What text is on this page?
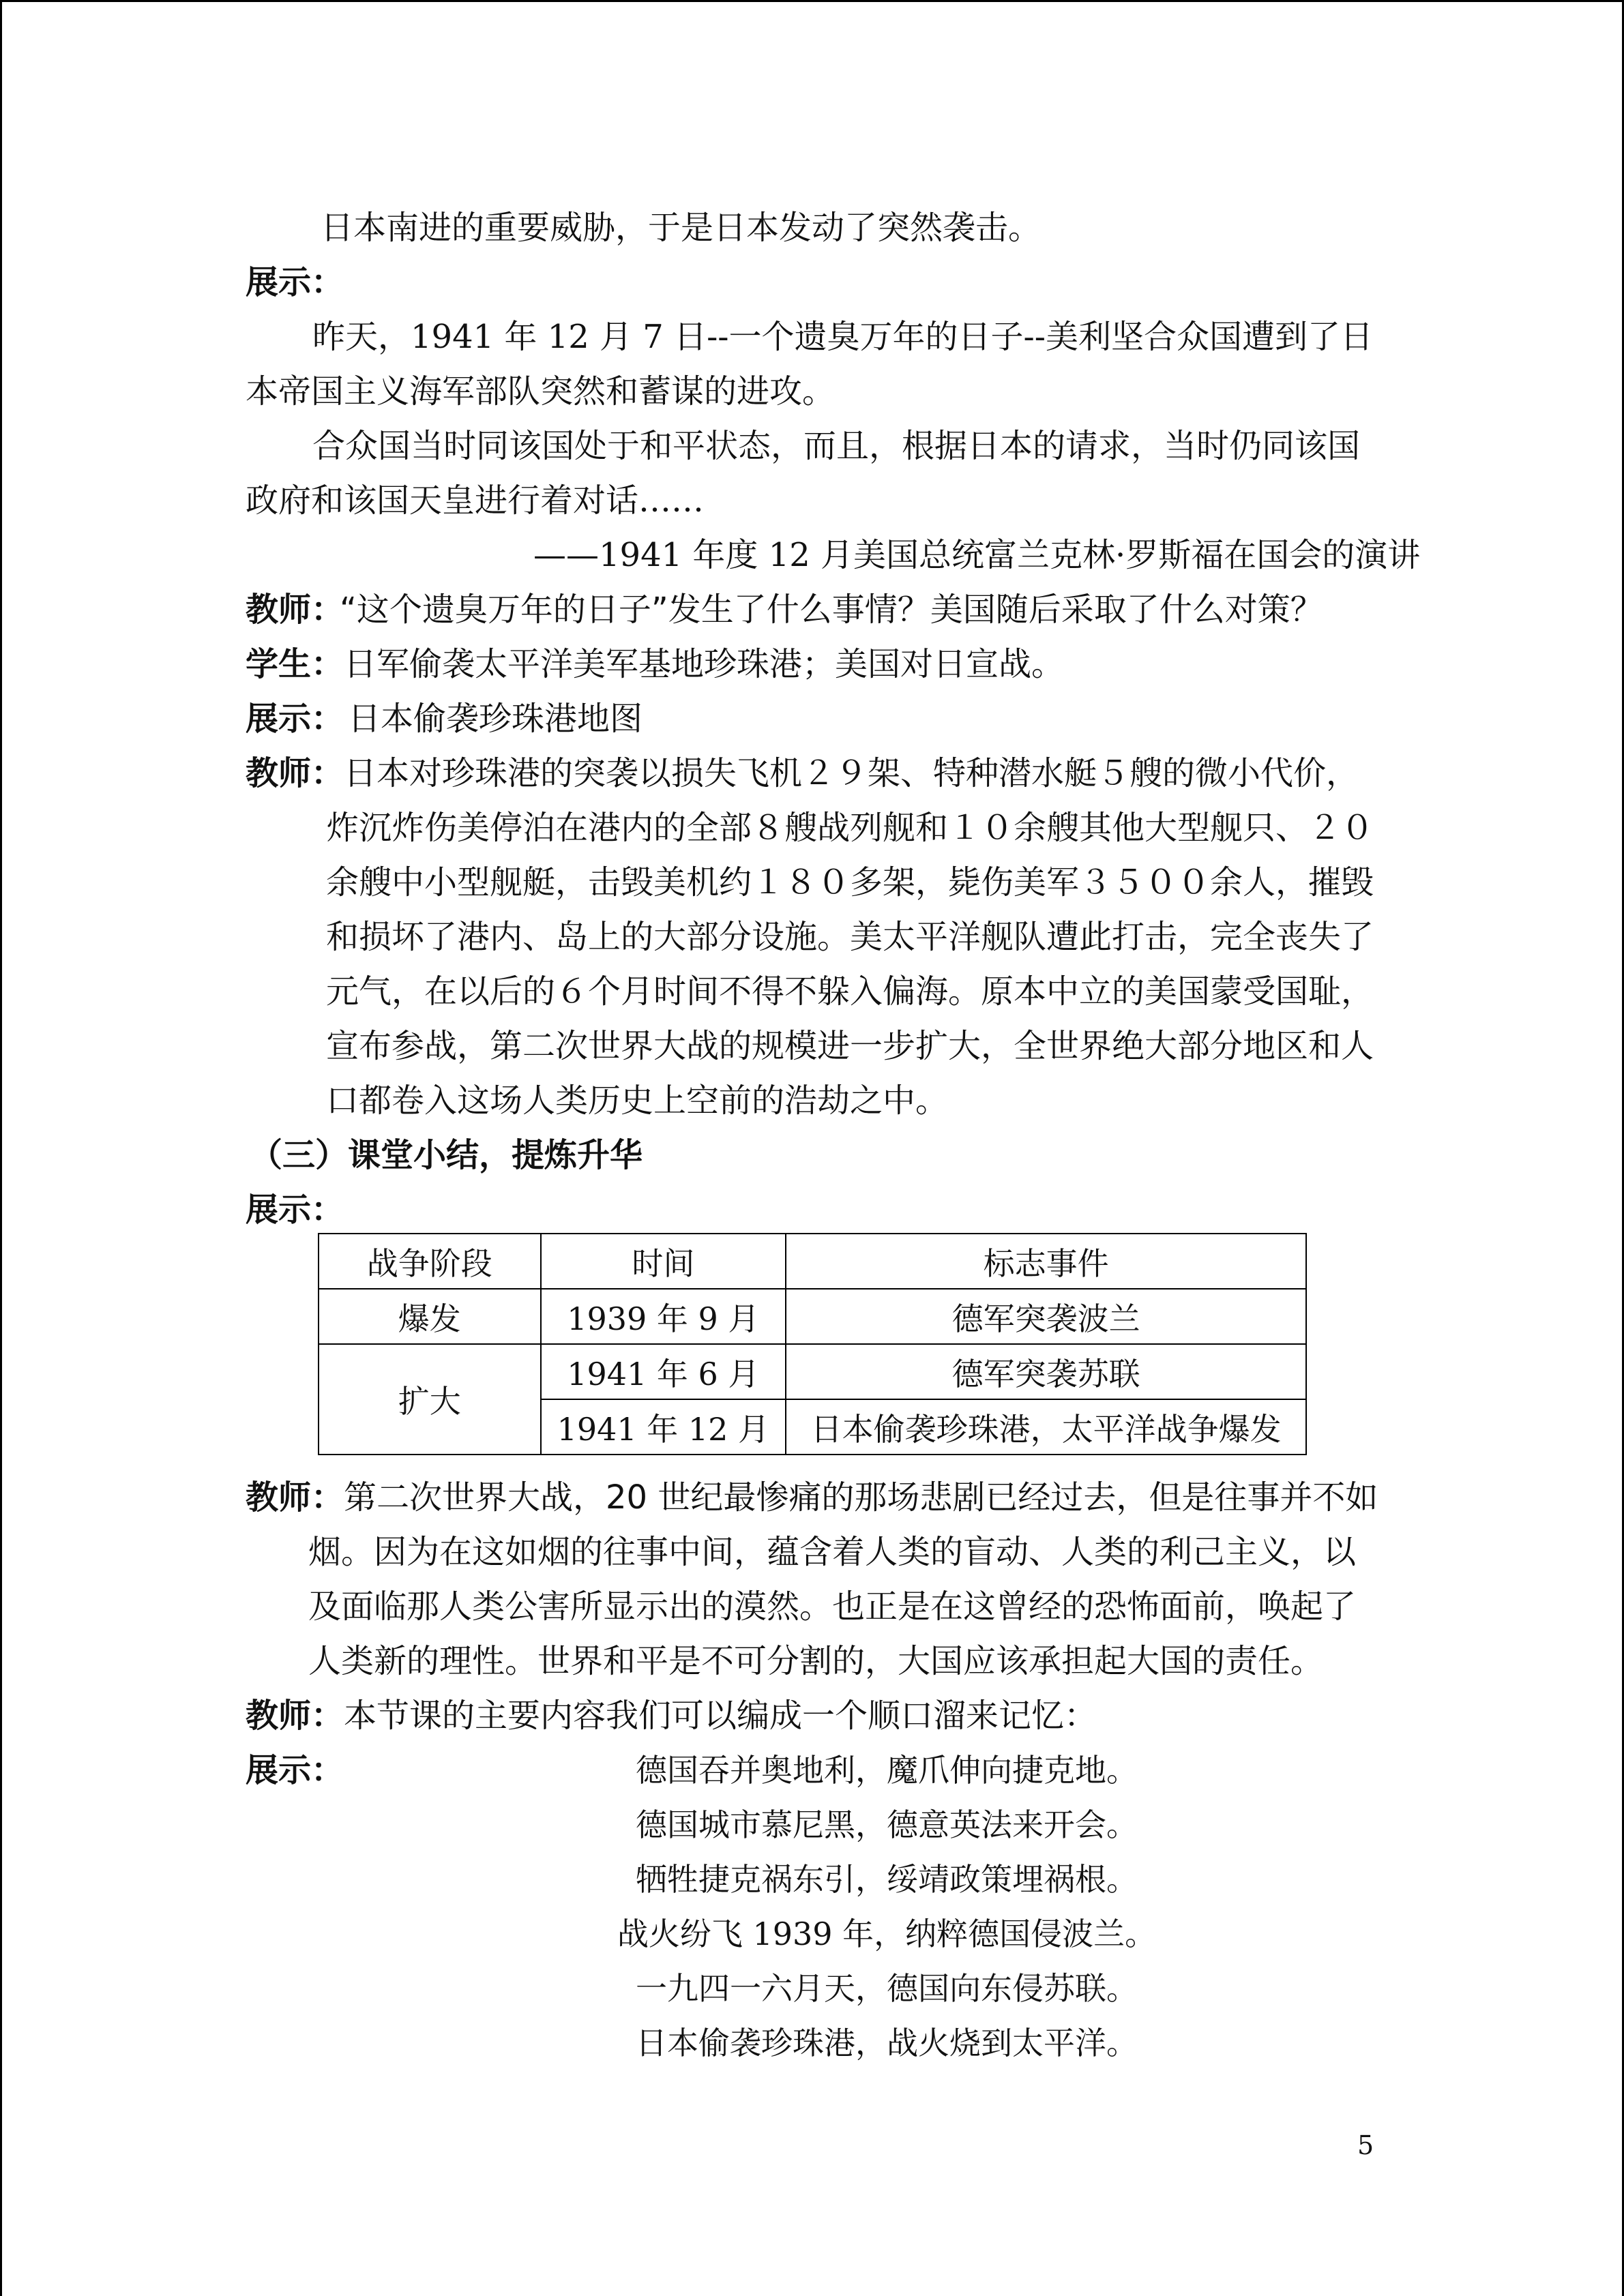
日本南进的重要威胁，于是日本发动了突然袭击。
展示：
昨天，1941 年 12 月 7 日--一个遗臭万年的日子--美利坚合众国遭到了日
本帝国主义海军部队突然和蓄谋的进攻。
合众国当时同该国处于和平状态，而且，根据日本的请求，当时仍同该国
政府和该国天皇进行着对话……
——1941 年度 12 月美国总统富兰克林·罗斯福在国会的演讲
教师：
“这个遗臭万年的日子”发生了什么事情？美国随后采取了什么对策？
学生： 日军偷袭太平洋美军基地珍珠港；美国对日宣战。
展示： 日本偷袭珍珠港地图
教师： 日本对珍珠港的突袭以损失飞机２９架、特种潜水艇５艘的微小代价，
炸沉炸伤美停泊在港内的全部８艘战列舰和１０余艘其他大型舰只、２０
余艘中小型舰艇，击毁美机约１８０多架，毙伤美军３５００余人，摧毁
和损坏了港内、岛上的大部分设施。美太平洋舰队遭此打击，完全丧失了
元气，在以后的６个月时间不得不躲入偏海。原本中立的美国蒙受国耻，
宣布参战，第二次世界大战的规模进一步扩大，全世界绝大部分地区和人
口都卷入这场人类历史上空前的浩劫之中。
（三）课堂小结，提炼升华
展示：
战争阶段	时间	标志事件
爆发	1939 年 9 月	德军突袭波兰
扩大	1941 年 6 月	德军突袭苏联
	1941 年 12 月	日本偷袭珍珠港，太平洋战争爆发
教师： 第二次世界大战，20 世纪最惨痛的那场悲剧已经过去，但是往事并不如
烟。因为在这如烟的往事中间，蕴含着人类的盲动、人类的利己主义，以
及面临那人类公害所显示出的漠然。也正是在这曾经的恐怖面前，唤起了
人类新的理性。世界和平是不可分割的，大国应该承担起大国的责任。
教师： 本节课的主要内容我们可以编成一个顺口溜来记忆：
展示：	德国吞并奥地利，魔爪伸向捷克地。
德国城市慕尼黑，德意英法来开会。
牺牲捷克祸东引，绥靖政策埋祸根。
战火纷飞 1939 年，纳粹德国侵波兰。
一九四一六月天，德国向东侵苏联。
日本偷袭珍珠港，战火烧到太平洋。
5
